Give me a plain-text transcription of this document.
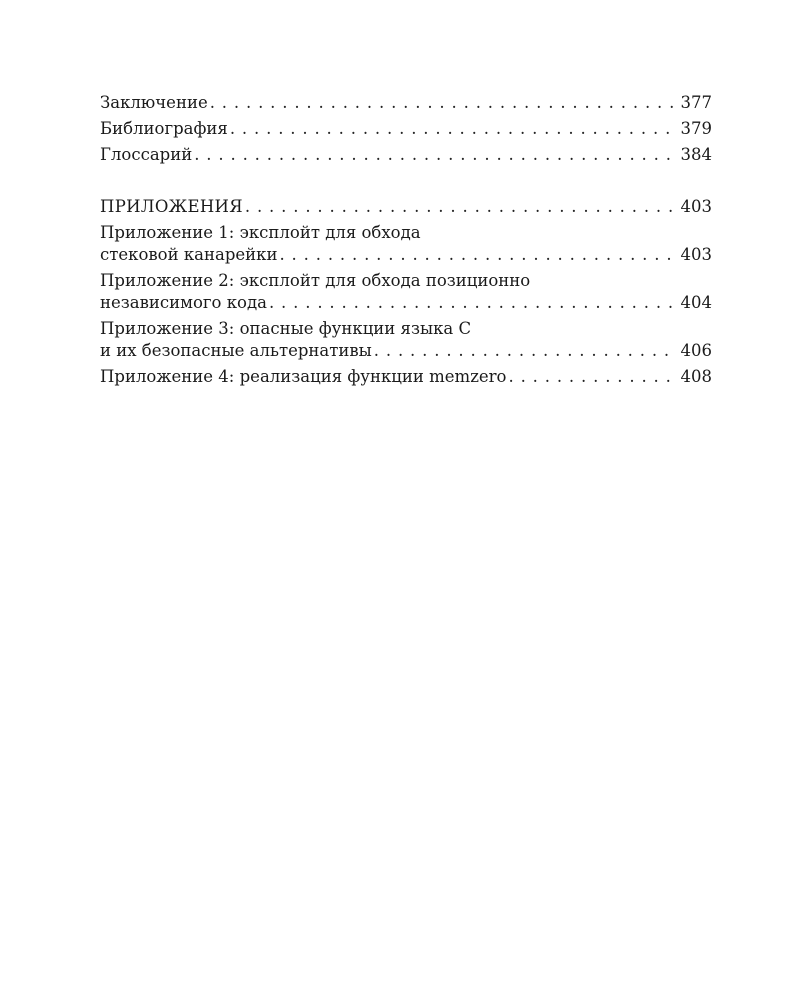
Заключение . . .	377
Библиография . . .	379
Глоссарий . . .	384
ПРИЛОЖЕНИЯ . . .	403
Приложение 1: эксплойт для обхода
стековой канарейки . . .	403
Приложение 2: эксплойт для обхода позиционно
независимого кода . . .	404
Приложение 3: опасные функции языка C
и их безопасные альтернативы . . .	406
Приложение 4: реализация функции memzero . . .	408
